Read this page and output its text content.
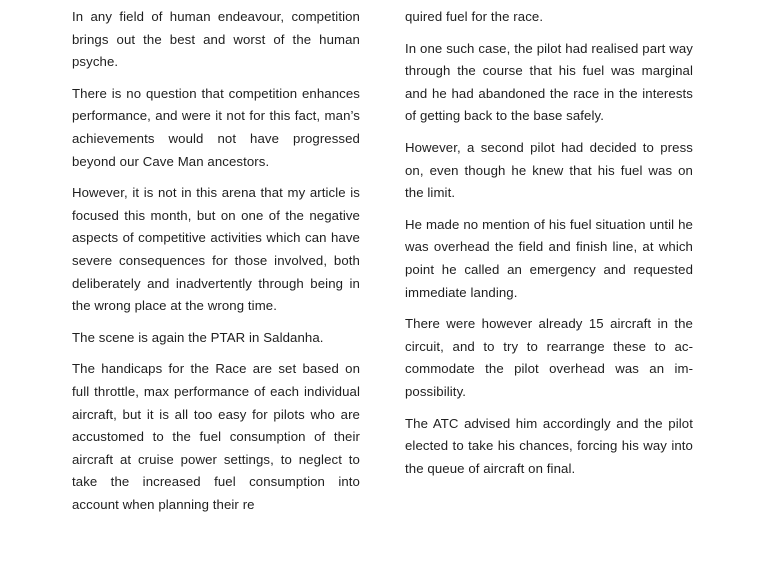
In any field of human endeavour, competition brings out the best and worst of the human psyche.

There is no question that competition enhances performance, and were it not for this fact, man’s achievements would not have progressed beyond our Cave Man ancestors.

However, it is not in this arena that my article is focused this month, but on one of the negative aspects of competitive activities which can have severe consequences for those involved, both deliberately and inadvertently through being in the wrong place at the wrong time.

The scene is again the PTAR in Saldanha.

The handicaps for the Race are set based on full throttle, max performance of each individual aircraft, but it is all too easy for pilots who are accustomed to the fuel consumption of their aircraft at cruise power settings, to neglect to take the increased fuel consumption into account when planning their re

quired fuel for the race.

In one such case, the pilot had realised part way through the course that his fuel was marginal and he had abandoned the race in the interests of getting back to the base safely.

However, a second pilot had decided to press on, even though he knew that his fuel was on the limit.

He made no mention of his fuel situation until he was overhead the field and finish line, at which point he called an emergency and requested immediate landing.

There were however already 15 aircraft in the circuit, and to try to rearrange these to accommodate the pilot overhead was an impossibility.

The ATC advised him accordingly and the pilot elected to take his chances, forcing his way into the queue of aircraft on final.
